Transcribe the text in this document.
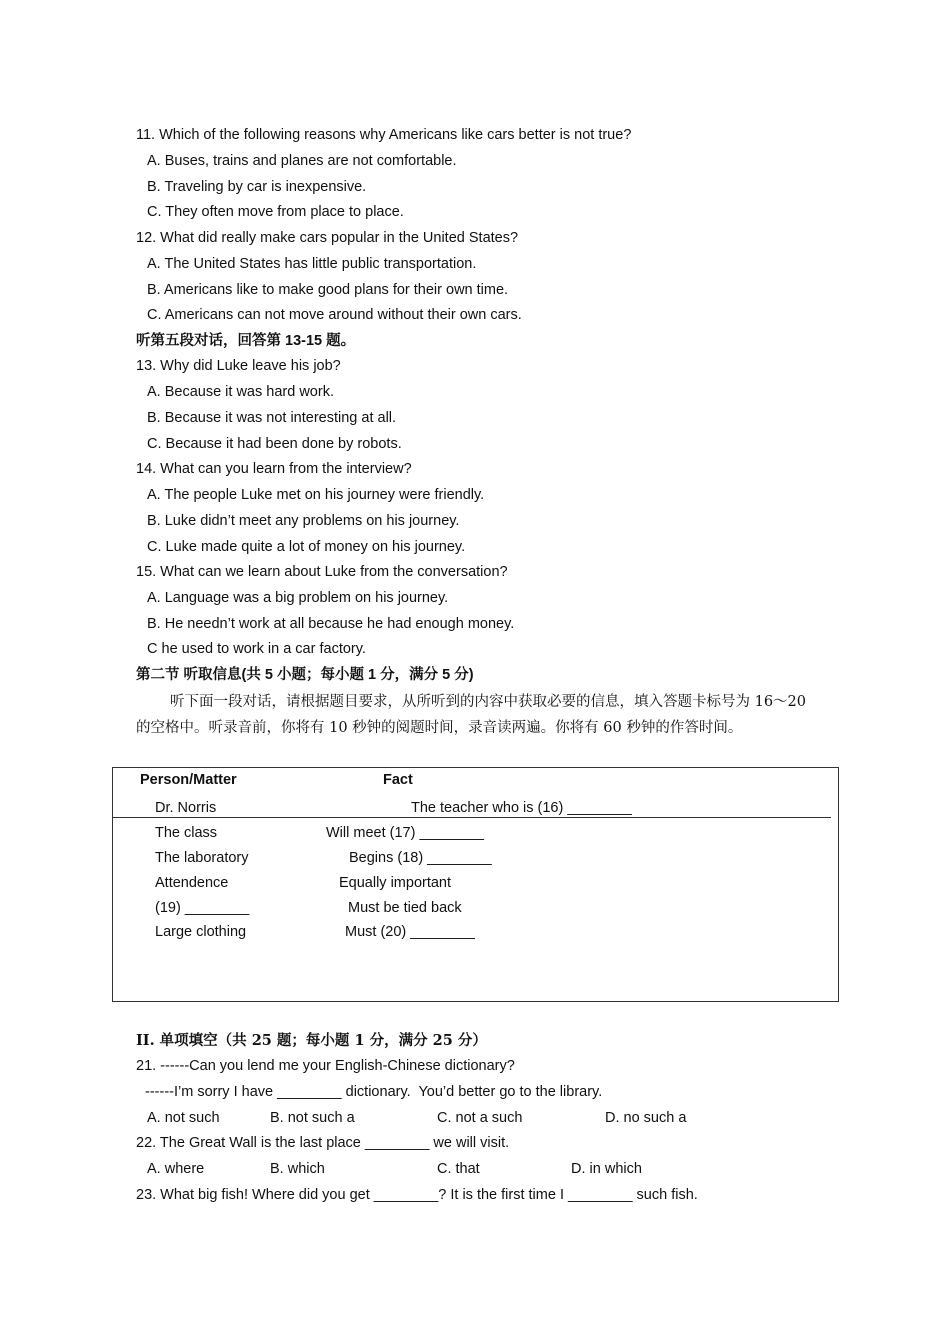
11. Which of the following reasons why Americans like cars better is not true?
A. Buses, trains and planes are not comfortable.
B. Traveling by car is inexpensive.
C. They often move from place to place.
12. What did really make cars popular in the United States?
A. The United States has little public transportation.
B. Americans like to make good plans for their own time.
C. Americans can not move around without their own cars.
听第五段对话，回答第 13-15 题。
13. Why did Luke leave his job?
A. Because it was hard work.
B. Because it was not interesting at all.
C. Because it had been done by robots.
14. What can you learn from the interview?
A. The people Luke met on his journey were friendly.
B. Luke didn’t meet any problems on his journey.
C. Luke made quite a lot of money on his journey.
15. What can we learn about Luke from the conversation?
A. Language was a big problem on his journey.
B. He needn’t work at all because he had enough money.
C he used to work in a car factory.
第二节 听取信息(共 5 小题；每小题 1 分，满分 5 分)
听下面一段对话，请根据题目要求，从所听到的内容中获取必要的信息，填入答题卡标号为 16～20 的空格中。听录音前，你将有 10 秒钟的阅题时间，录音读两遍。你将有 60 秒钟的作答时间。
Person/Matter	Fact
Dr. Norris	The teacher who is (16) ________
The class	Will meet (17) ________
The laboratory	Begins (18) ________
Attendence	Equally important
(19) ________	Must be tied back
Large clothing	Must (20) ________
II. 单项填空（共 25 题；每小题 1 分，满分 25 分）
21. ------Can you lend me your English-Chinese dictionary?
------I’m sorry I have ________ dictionary.  You’d better go to the library.

A. not such

	B. not such a

	C. not a such

	D. no such a

22. The Great Wall is the last place ________ we will visit.

A. where

	B. which

	C. that

	D. in which

23. What big fish! Where did you get ________? It is the first time I ________ such fish.
